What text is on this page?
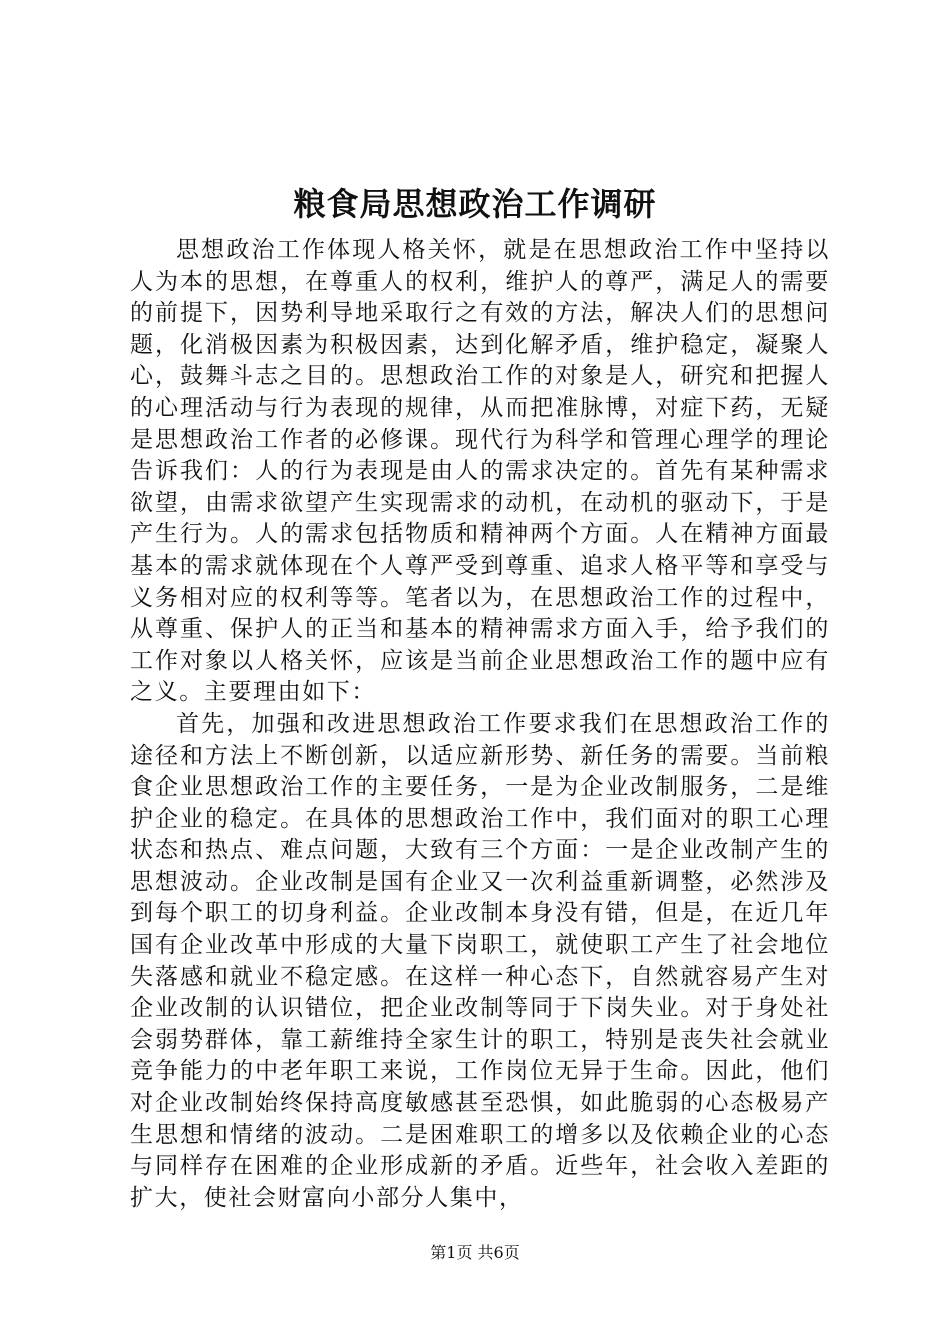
粮食局思想政治工作调研

思想政治工作体现人格关怀，就是在思想政治工作中坚持以人为本的思想，在尊重人的权利，维护人的尊严，满足人的需要的前提下，因势利导地采取行之有效的方法，解决人们的思想问题，化消极因素为积极因素，达到化解矛盾，维护稳定，凝聚人心，鼓舞斗志之目的。思想政治工作的对象是人，研究和把握人的心理活动与行为表现的规律，从而把准脉博，对症下药，无疑是思想政治工作者的必修课。现代行为科学和管理心理学的理论告诉我们：人的行为表现是由人的需求决定的。首先有某种需求欲望，由需求欲望产生实现需求的动机，在动机的驱动下，于是产生行为。人的需求包括物质和精神两个方面。人在精神方面最基本的需求就体现在个人尊严受到尊重、追求人格平等和享受与义务相对应的权利等等。笔者以为，在思想政治工作的过程中，从尊重、保护人的正当和基本的精神需求方面入手，给予我们的工作对象以人格关怀，应该是当前企业思想政治工作的题中应有之义。主要理由如下：

首先，加强和改进思想政治工作要求我们在思想政治工作的途径和方法上不断创新，以适应新形势、新任务的需要。当前粮食企业思想政治工作的主要任务，一是为企业改制服务，二是维护企业的稳定。在具体的思想政治工作中，我们面对的职工心理状态和热点、难点问题，大致有三个方面：一是企业改制产生的思想波动。企业改制是国有企业又一次利益重新调整，必然涉及到每个职工的切身利益。企业改制本身没有错，但是，在近几年国有企业改革中形成的大量下岗职工，就使职工产生了社会地位失落感和就业不稳定感。在这样一种心态下，自然就容易产生对企业改制的认识错位，把企业改制等同于下岗失业。对于身处社会弱势群体，靠工薪维持全家生计的职工，特别是丧失社会就业竞争能力的中老年职工来说，工作岗位无异于生命。因此，他们对企业改制始终保持高度敏感甚至恐惧，如此脆弱的心态极易产生思想和情绪的波动。二是困难职工的增多以及依赖企业的心态与同样存在困难的企业形成新的矛盾。近些年，社会收入差距的扩大，使社会财富向小部分人集中，

第1页 共6页
